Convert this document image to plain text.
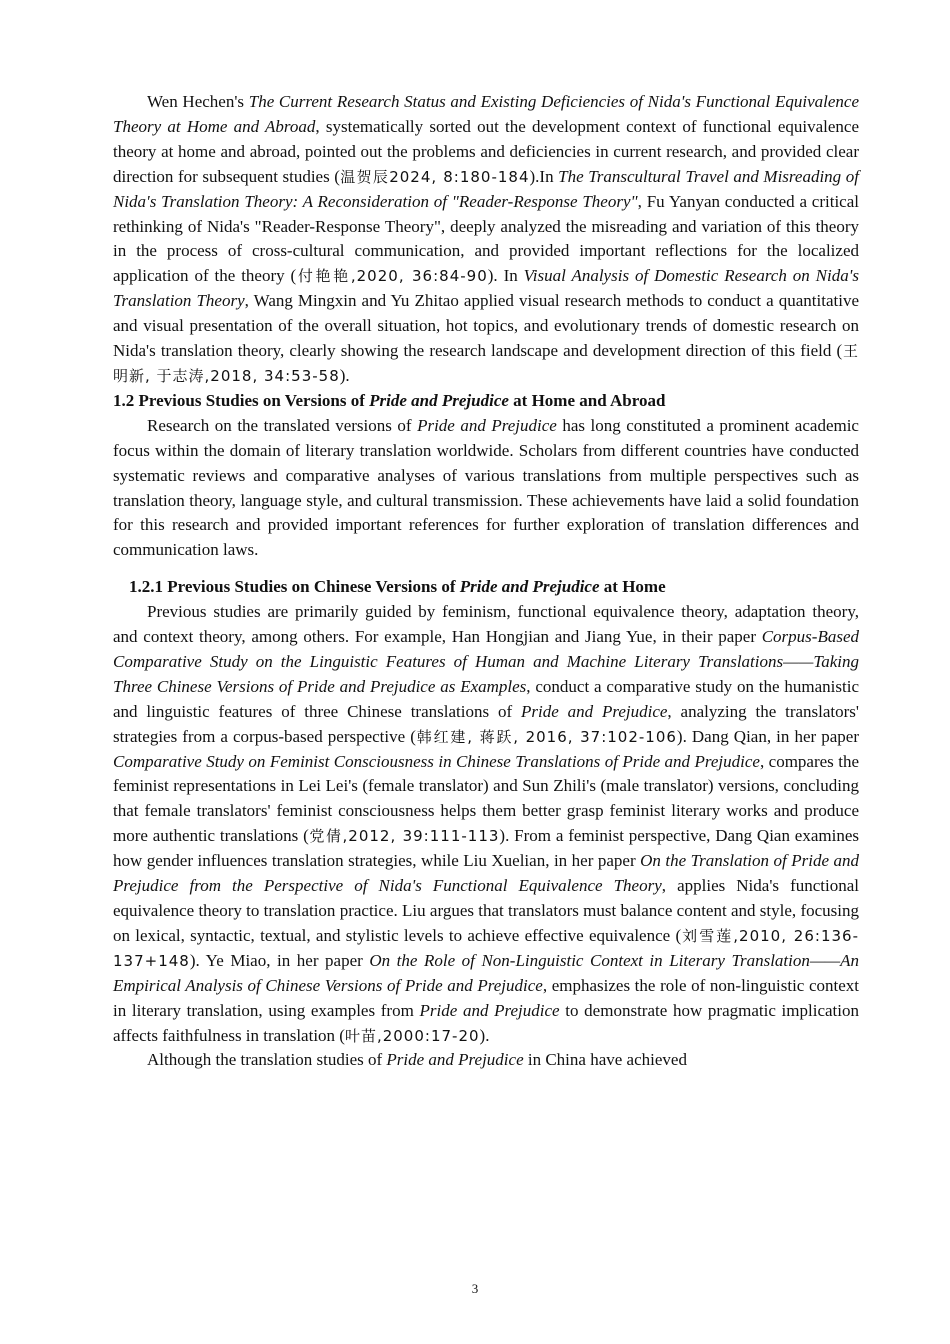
Wen Hechen's The Current Research Status and Existing Deficiencies of Nida's Functional Equivalence Theory at Home and Abroad, systematically sorted out the development context of functional equivalence theory at home and abroad, pointed out the problems and deficiencies in current research, and provided clear direction for subsequent studies (温贺辰2024, 8:180-184).In The Transcultural Travel and Misreading of Nida's Translation Theory: A Reconsideration of "Reader-Response Theory", Fu Yanyan conducted a critical rethinking of Nida's "Reader-Response Theory", deeply analyzed the misreading and variation of this theory in the process of cross-cultural communication, and provided important reflections for the localized application of the theory (付艳艳,2020, 36:84-90). In Visual Analysis of Domestic Research on Nida's Translation Theory, Wang Mingxin and Yu Zhitao applied visual research methods to conduct a quantitative and visual presentation of the overall situation, hot topics, and evolutionary trends of domestic research on Nida's translation theory, clearly showing the research landscape and development direction of this field (王明新, 于志涛,2018, 34:53-58).

1.2 Previous Studies on Versions of Pride and Prejudice at Home and Abroad

Research on the translated versions of Pride and Prejudice has long constituted a prominent academic focus within the domain of literary translation worldwide. Scholars from different countries have conducted systematic reviews and comparative analyses of various translations from multiple perspectives such as translation theory, language style, and cultural transmission. These achievements have laid a solid foundation for this research and provided important references for further exploration of translation differences and communication laws.

1.2.1 Previous Studies on Chinese Versions of Pride and Prejudice at Home

Previous studies are primarily guided by feminism, functional equivalence theory, adaptation theory, and context theory, among others. For example, Han Hongjian and Jiang Yue, in their paper Corpus-Based Comparative Study on the Linguistic Features of Human and Machine Literary Translations——Taking Three Chinese Versions of Pride and Prejudice as Examples, conduct a comparative study on the humanistic and linguistic features of three Chinese translations of Pride and Prejudice, analyzing the translators' strategies from a corpus-based perspective (韩红建, 蒋跃, 2016, 37:102-106). Dang Qian, in her paper Comparative Study on Feminist Consciousness in Chinese Translations of Pride and Prejudice, compares the feminist representations in Lei Lei's (female translator) and Sun Zhili's (male translator) versions, concluding that female translators' feminist consciousness helps them better grasp feminist literary works and produce more authentic translations (党倩,2012, 39:111-113). From a feminist perspective, Dang Qian examines how gender influences translation strategies, while Liu Xuelian, in her paper On the Translation of Pride and Prejudice from the Perspective of Nida's Functional Equivalence Theory, applies Nida's functional equivalence theory to translation practice. Liu argues that translators must balance content and style, focusing on lexical, syntactic, textual, and stylistic levels to achieve effective equivalence (刘雪莲,2010, 26:136-137+148). Ye Miao, in her paper On the Role of Non-Linguistic Context in Literary Translation——An Empirical Analysis of Chinese Versions of Pride and Prejudice, emphasizes the role of non-linguistic context in literary translation, using examples from Pride and Prejudice to demonstrate how pragmatic implication affects faithfulness in translation (叶苗,2000:17-20).

Although the translation studies of Pride and Prejudice in China have achieved

3
